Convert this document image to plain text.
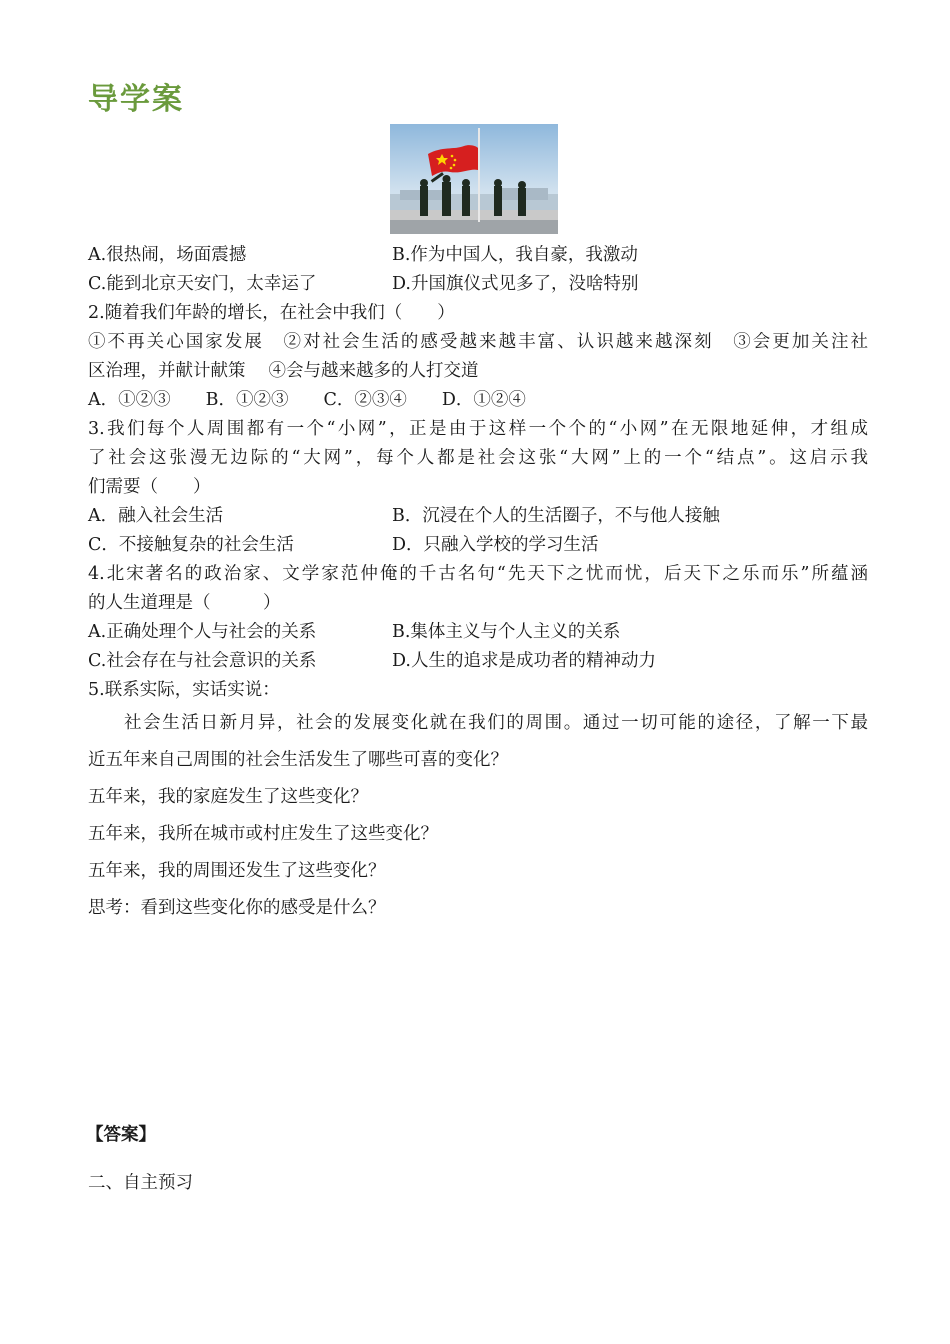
导学案
A.很热闹，场面震撼	B.作为中国人，我自豪，我激动
C.能到北京天安门，太幸运了	D.升国旗仪式见多了，没啥特别
2.随着我们年龄的增长，在社会中我们（　　）
①不再关心国家发展　②对社会生活的感受越来越丰富、认识越来越深刻　③会更加关注社
区治理，并献计献策　 ④会与越来越多的人打交道
A．①②③　　B．①②③　　C．②③④　　D．①②④
3.我们每个人周围都有一个“小网”，正是由于这样一个个的“小网”在无限地延伸，才组成
了社会这张漫无边际的“大网”，每个人都是社会这张“大网”上的一个“结点”。这启示我
们需要（　　）
A．融入社会生活	B．沉浸在个人的生活圈子，不与他人接触
C．不接触复杂的社会生活	D．只融入学校的学习生活
4.北宋著名的政治家、文学家范仲俺的千古名句“先天下之忧而忧，后天下之乐而乐”所蕴涵
的人生道理是（　　　）
A.正确处理个人与社会的关系	B.集体主义与个人主义的关系
C.社会存在与社会意识的关系	D.人生的追求是成功者的精神动力
5.联系实际，实话实说：
社会生活日新月异，社会的发展变化就在我们的周围。通过一切可能的途径，了解一下最
近五年来自己周围的社会生活发生了哪些可喜的变化？
五年来，我的家庭发生了这些变化？
五年来，我所在城市或村庄发生了这些变化？
五年来，我的周围还发生了这些变化？
思考：看到这些变化你的感受是什么？
【答案】
二、自主预习
